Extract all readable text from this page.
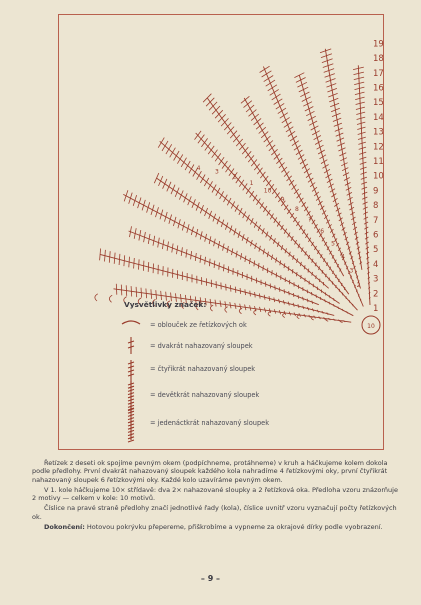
1
2
3
4
5
6
7
8
9
10
11
12
13
14
15
16
17
18
19
2
3
4
5
6
7
8
9
10
1
2
3
4
10
Vysvětlivky značek:
= oblouček ze řetízkových ok
= dvakrát nahazovaný sloupek
= čtyřikrát nahazovaný sloupek
= devětkrát nahazovaný sloupek
= jedenáctkrát nahazovaný sloupek

Řetízek z deseti ok spojíme pevným okem (podpíchneme, protáhneme) v kruh a háčkujeme kolem dokola podle předlohy. První dvakrát nahazovaný sloupek každého kola nahradíme 4 řetízkovými oky, první čtyřikrát nahazovaný sloupek 6 řetízkovými oky. Každé kolo uzavíráme pevným okem.

V 1. kole háčkujeme 10× střídavě: dva 2× nahazované sloupky a 2 řetízková oka. Předloha vzoru znázorňuje 2 motivy — celkem v kole: 10 motivů.

Číslice na pravé straně předlohy značí jednotlivé řady (kola), číslice uvnitř vzoru vyznačují počty řetízkových ok.

Dokončení: Hotovou pokrývku přepereme, přiškrobíme a vypneme za okrajové dírky podle vyobrazení.

– 9 –
